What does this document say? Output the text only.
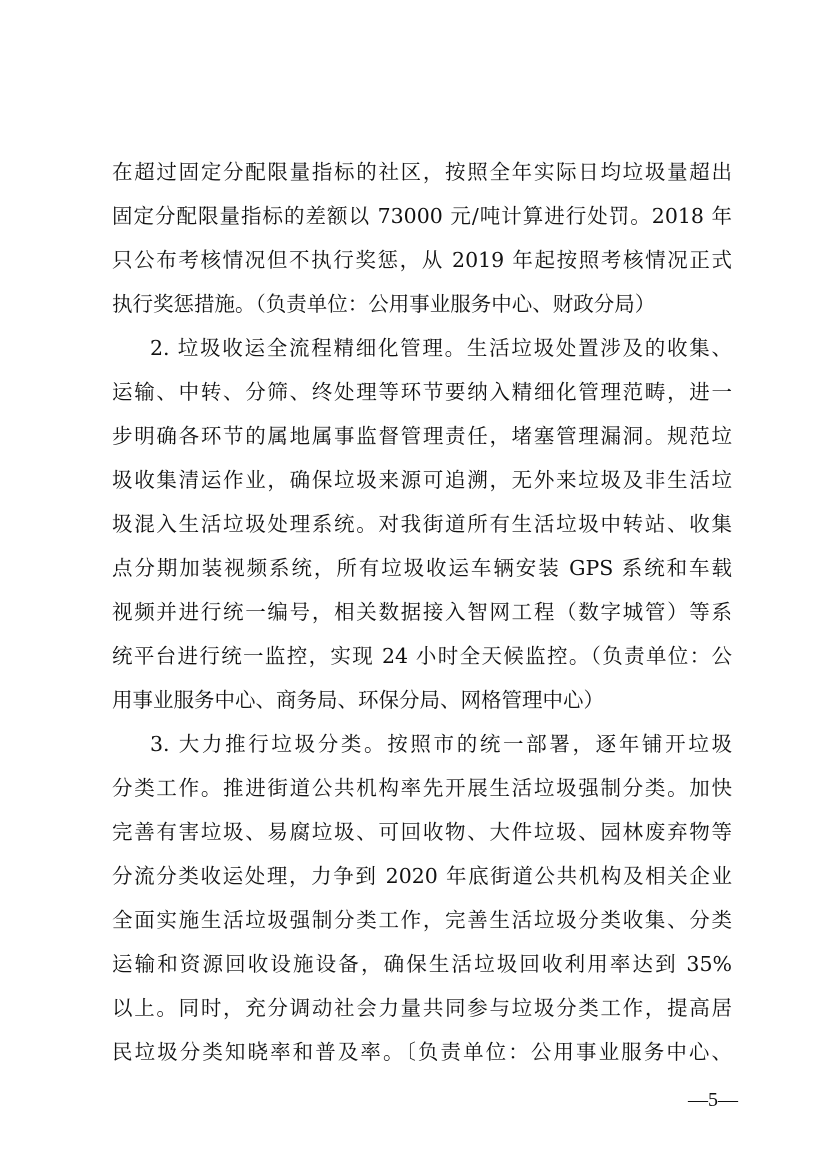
在超过固定分配限量指标的社区，按照全年实际日均垃圾量超出
固定分配限量指标的差额以 73000 元/吨计算进行处罚。2018 年
只公布考核情况但不执行奖惩，从 2019 年起按照考核情况正式
执行奖惩措施。（负责单位：公用事业服务中心、财政分局）
2. 垃圾收运全流程精细化管理。生活垃圾处置涉及的收集、
运输、中转、分筛、终处理等环节要纳入精细化管理范畴，进一
步明确各环节的属地属事监督管理责任，堵塞管理漏洞。规范垃
圾收集清运作业，确保垃圾来源可追溯，无外来垃圾及非生活垃
圾混入生活垃圾处理系统。对我街道所有生活垃圾中转站、收集
点分期加装视频系统，所有垃圾收运车辆安装 GPS 系统和车载
视频并进行统一编号，相关数据接入智网工程（数字城管）等系
统平台进行统一监控，实现 24 小时全天候监控。（负责单位：公
用事业服务中心、商务局、环保分局、网格管理中心）
3. 大力推行垃圾分类。按照市的统一部署，逐年铺开垃圾
分类工作。推进街道公共机构率先开展生活垃圾强制分类。加快
完善有害垃圾、易腐垃圾、可回收物、大件垃圾、园林废弃物等
分流分类收运处理，力争到 2020 年底街道公共机构及相关企业
全面实施生活垃圾强制分类工作，完善生活垃圾分类收集、分类
运输和资源回收设施设备，确保生活垃圾回收利用率达到 35%
以上。同时，充分调动社会力量共同参与垃圾分类工作，提高居
民垃圾分类知晓率和普及率。〔负责单位：公用事业服务中心、
—5—
